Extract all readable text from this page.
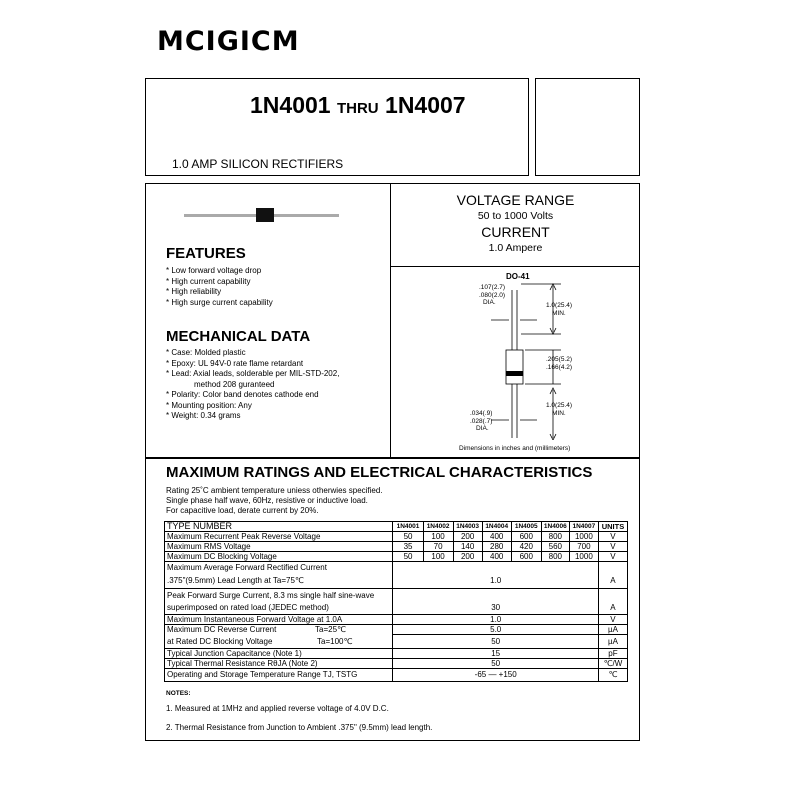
MCIGICM
1N4001 THRU 1N4007
1.0 AMP SILICON RECTIFIERS
VOLTAGE RANGE
50 to 1000 Volts
CURRENT
1.0 Ampere
FEATURES
* Low forward voltage drop
* High current capability
* High reliability
* High surge current capability
MECHANICAL DATA
* Case: Molded plastic
* Epoxy: UL 94V-0 rate flame retardant
* Lead: Axial leads, solderable per MIL-STD-202,
method 208 guranteed
* Polarity: Color band denotes cathode end
* Mounting position: Any
* Weight: 0.34 grams
DO-41
.107(2.7)
.080(2.0)
DIA.	1.0(25.4)
MIN.
.205(5.2)
.166(4.2)
1.0(25.4)
MIN.
.034(.9)
.028(.7)
DIA.
Dimensions in inches and (millimeters)
MAXIMUM RATINGS AND ELECTRICAL CHARACTERISTICS
Rating 25˚C ambient temperature uniess otherwies specified.
Single phase half wave, 60Hz, resistive or inductive load.
For capacitive load, derate current by 20%.
TYPE NUMBER	1N4001	1N4002	1N4003	1N4004	1N4005	1N4006	1N4007	UNITS
Maximum Recurrent Peak Reverse Voltage	50	100	200	400	600	800	1000	V
Maximum RMS Voltage	35	70	140	280	420	560	700	V
Maximum DC Blocking Voltage	50	100	200	400	600	800	1000	V
Maximum Average Forward Rectified Current								
.375"(9.5mm) Lead Length at Ta=75℃	1.0							A
Peak Forward Surge Current, 8.3 ms single half sine-wave								
superimposed on rated load (JEDEC method)	30							A
Maximum Instantaneous Forward Voltage at 1.0A	1.0							V
Maximum DC Reverse Current Ta=25℃	5.0							µA
at Rated DC Blocking Voltage Ta=100℃	50							µA
Typical Junction Capacitance (Note 1)	15							pF
Typical Thermal Resistance RθJA (Note 2)	50							℃/W
Operating and Storage Temperature Range TJ, TSTG	-65 — +150							℃
NOTES:
1. Measured at 1MHz and applied reverse voltage of 4.0V D.C.
2. Thermal Resistance from Junction to Ambient .375" (9.5mm) lead length.
